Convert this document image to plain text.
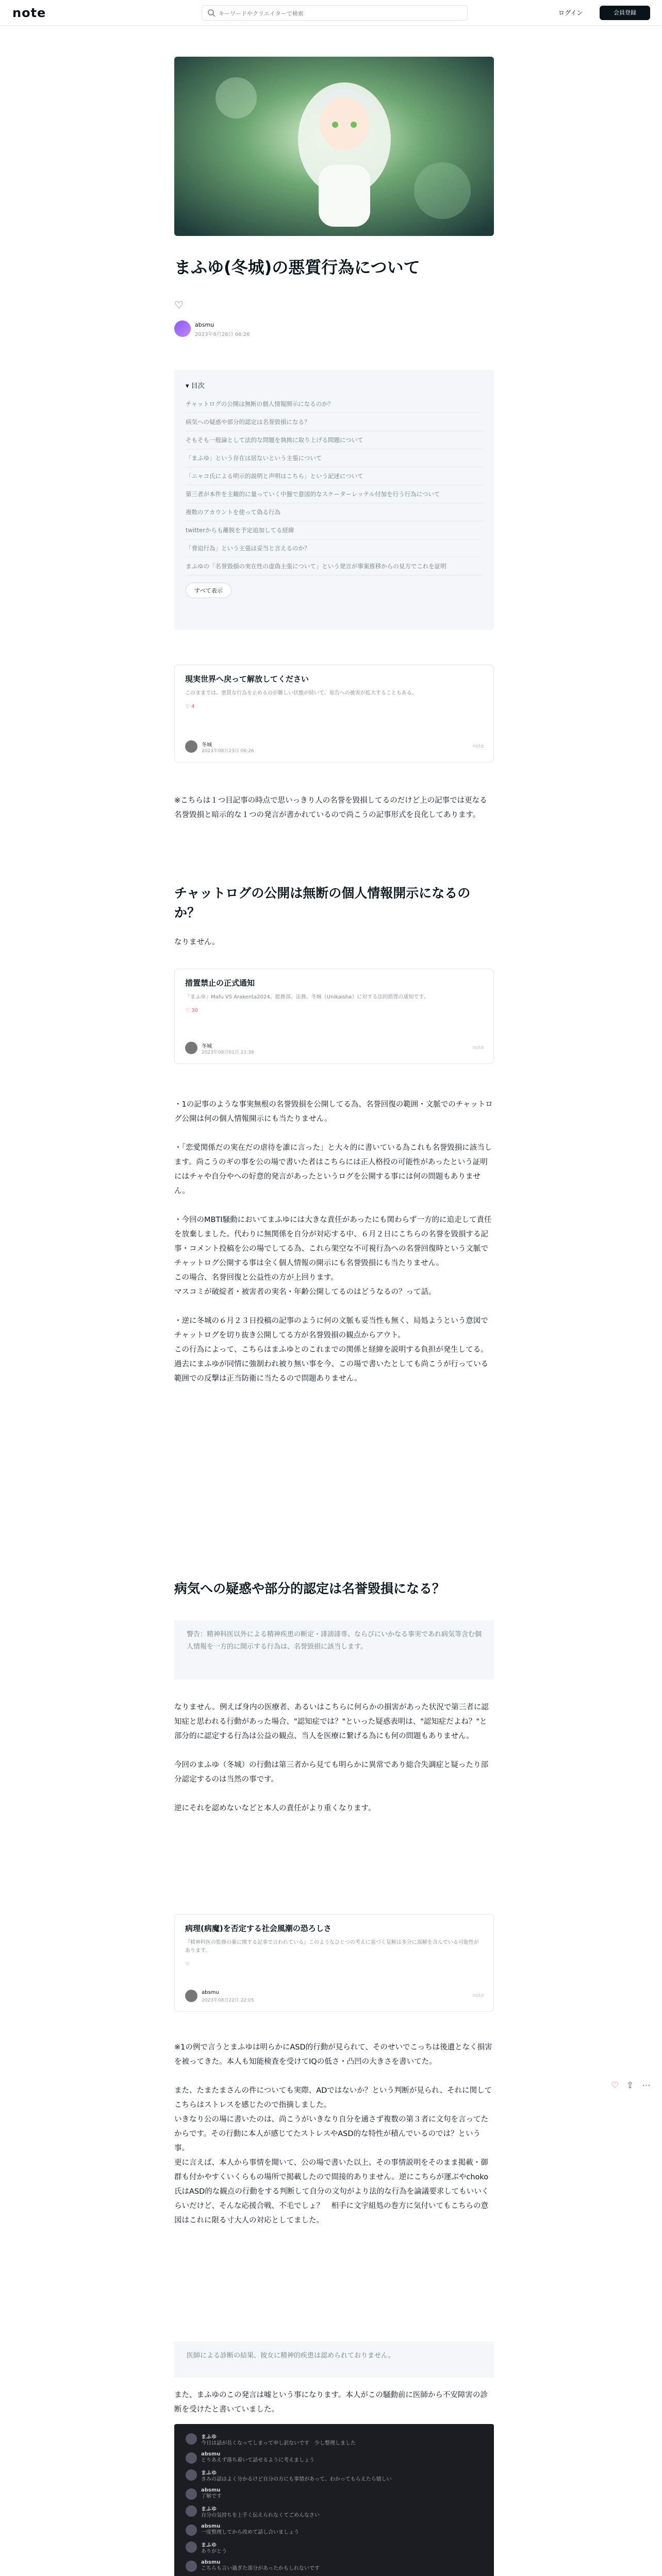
note
キーワードやクリエイターで検索	ログイン	会員登録
まふゆ(冬城)の悪質行為について
♡
absmu
2023年8月26日 06:26
▾ 目次
チャットログの公開は無断の個人情報開示になるのか？
病気への疑惑や部分的認定は名誉毀損になる？
そもそも一般論として法的な問題を執拗に取り上げる問題について
「まふゆ」という存在は居ないという主張について
「ニャコ氏による明示的説明と声明はこちら」という記述について
第三者が本件を主観的に量っていく中盤で意図的なスケーターレッテル付加を行う行為について
複数のアカウントを使って偽る行為
twitterからも離脱を予定追加してる経緯
「脅迫行為」という主張は妥当と言えるのか？
まふゆの「名誉毀損の実在性の虚偽主張について」という発言が事案推移からの見方でこれを証明
すべて表示
現実世界へ戻って解放してください
このままでは、悪質な行為を止めるのが難しい状態が続いて、原告への被害が拡大することもある。
♡ 4
冬城
2023年08月23日 06:26
note
※こちらは１つ目記事の時点で思いっきり人の名誉を毀損してるのだけど上の記事では更なる名誉毀損と暗示的な１つの発言が書かれているので尚こうの記事形式を良化してあります。
チャットログの公開は無断の個人情報開示になるのか？
なりません。
措置禁止の正式通知
「まふゆ」Mafu VS Arakenta2024、総務部、法務。冬城（Unikaisha）に対する法的措置の通知です。
♡ 30
冬城
2023年08月01日 21:38
note
・1の記事のような事実無根の名誉毀損を公開してる為、名誉回復の範囲・文脈でのチャットログ公開は何の個人情報開示にも当たりません。

・「恋愛関係だの実在だの虐待を誰に言った」と大々的に書いている為これも名誉毀損に該当します。尚こうのギの事を公の場で書いた者はこちらには正人格投の可能性があったという証明にはチャや自分やへの好意的発言があったというログを公開する事には何の問題もありません。

・今回のMBTI騒動においてまふゆには大きな責任があったにも関わらず一方的に追走して責任を放棄しました。代わりに無関係を自分が対応する中、６月２日にこちらの名誉を毀損する記事・コメント投稿を公の場でしてる為、これら架空な不可視行為への名誉回復時という文脈でチャットログ公開する事は全く個人情報の開示にも名誉毀損にも当たりません。
この場合、名誉回復と公益性の方が上回ります。
マスコミが破綻者・被害者の実名・年齢公開してるのはどうなるの？って話。

・逆に冬城の６月２３日投稿の記事のように何の文脈も妥当性も無く、局処ようという意図でチャットログを切り抜き公開してる方が名誉毀損の観点からアウト。
この行為によって、こちらはまふゆとのこれまでの関係と経緯を説明する負担が発生してる。過去にまふゆが同情に強制われ被り無い事を今、この場で書いたとしても尚こうが行っている範囲での反撃は正当防衛に当たるので問題ありません。
病気への疑惑や部分的認定は名誉毀損になる？
警告：精神科医以外による精神疾患の断定・誹謗誹専、ならびにいかなる事実であれ病気等含む個人情報を一方的に開示する行為は、名誉毀損に該当します。
なりません。例えば身内の医療者、あるいはこちらに何らかの損害があった状況で第三者に認知症と思われる行動があった場合、"認知症では？"といった疑惑表明は、"認知症だよね？"と部分的に認定する行為は公益の観点、当人を医療に繋げる為にも何の問題もありません。

今回のまふゆ（冬城）の行動は第三者から見ても明らかに異常であり総合失調症と疑ったり部分認定するのは当然の事です。

逆にそれを認めないなどと本人の責任がより重くなります。
病理(病魔)を否定する社会風潮の恐ろしさ
『精神科医の監修の薬に関する記事で言われている』このようなひとつの考えに基づく見解は多分に誤解を含んでいる可能性があります。
♡
absmu
2023年08月22日 22:05
note
※1の例で言うとまふゆは明らかにASD的行動が見られて、そのせいでこっちは後遺となく損害を被ってきた。本人も知能検査を受けてIQの低さ・凸凹の大きさを書いてた。

また、たまたまさんの件についても実際、ADではないか？という判断が見られ、それに関してこちらはストレスを感じたので指摘しました。
いきなり公の場に書いたのは、尚こうがいきなり自分を通さず複数の第３者に文句を言ってたからです。その行動に本人が感じてたストレスやASD的な特性が積んでいるのでは？という事。
更に言えば、本人から事情を聞いて、公の場で書いた以上、その事情説明をそのまま掲載・御群も付かやすくいくらもの場所で掲載したので間接的ありません。逆にこちらが運ぶやchoko氏はASD的な観点の行動をする判断して自分の文句がより法的な行為を論議要求してもいいくらいだけど、そんな応援合戦、不毛でしょ？　相手に文字組処の巻方に気付いてもこちらの意図はこれに限る寸大人の対応としてました。
♡ ⇪ ⋯
医師による診断の結果、彼女に精神的疾患は認められておりません。
また、まふゆのこの発言は嘘という事になります。本人がこの騒動前に医師から不安障害の診断を受けたと書いていました。
まふゆ
今日は話が長くなってしまって申し訳ないです　少し整理しました
absmu
とりあえず落ち着いて話せるように考えましょう
まふゆ
きみの話はよく分かるけど自分の方にも事情があって、わかってもらえたら嬉しい
absmu
了解です
まふゆ
自分の気持ちを上手く伝えられなくてごめんなさい
absmu
一度整理してから改めて話し合いましょう
まふゆ
ありがとう
absmu
こちらも言い過ぎた部分があったかもしれないです
